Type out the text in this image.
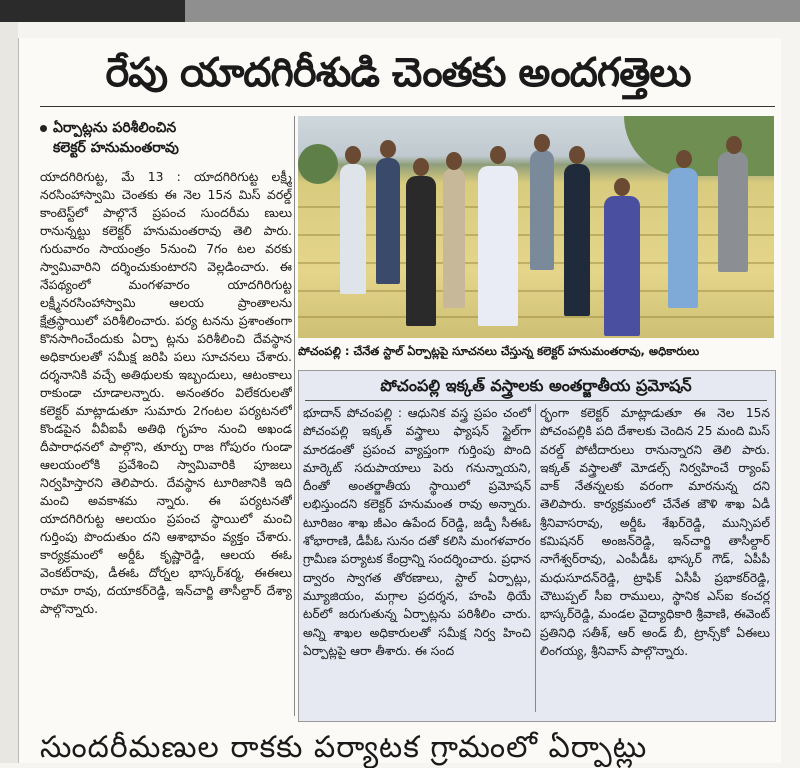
రేపు యాదగిరీశుడి చెంతకు అందగత్తెలు
ఏర్పాట్లను పరిశీలించిన
కలెక్టర్ హనుమంతరావు
యాదగిరిగుట్ట, మే 13 : యాదగిరిగుట్ట లక్ష్మీ నరసింహాస్వామి చెంతకు ఈ నెల 15న మిస్ వరల్డ్ కాంటెస్ట్‌లో పాల్గొనే ప్రపంచ సుందరీమ ణులు రానున్నట్టు కలెక్టర్ హనుమంతరావు తెలి పారు. గురువారం సాయంత్రం 5నుంచి 7గం టల వరకు స్వామివారిని దర్శించుకుంటారని వెల్లడించారు. ఈ నేపథ్యంలో మంగళవారం యాదగిరిగుట్ట లక్ష్మీనరసింహాస్వామి ఆలయ ప్రాంతాలను క్షేత్రస్థాయిలో పరిశీలించారు. పర్య టనను ప్రశాంతంగా కొనసాగించేందుకు ఏర్పా ట్లను పరిశీలించి దేవస్థాన అధికారులతో సమీక్ష జరిపి పలు సూచనలు చేశారు. దర్శనానికి వచ్చే అతిథులకు ఇబ్బందులు, ఆటంకాలు రాకుండా చూడాలన్నారు. అనంతరం విలేకరులతో కలెక్టర్ మాట్లాడుతూ సుమారు 2గంటల పర్యటనలో కొండపైన వీవీఐపీ అతిథి గృహం నుంచి అఖండ దీపారాధనలో పాల్గొని, తూర్పు రాజ గోపురం గుండా ఆలయంలోకి ప్రవేశించి స్వామివారికి పూజలు నిర్వహిస్తారని తెలిపారు. దేవస్థాన టూరిజానికి ఇది మంచి అవకాశమ న్నారు. ఈ పర్యటనతో యాదగిరిగుట్ట ఆలయం ప్రపంచ స్థాయిలో మంచి గుర్తింపు పొందుతుం దని ఆశాభావం వ్యక్తం చేశారు. కార్యక్రమంలో అర్డీఓ కృష్ణారెడ్డి, ఆలయ ఈఓ వెంకట్‌రావు, డీఈఓ దోర్నల భాస్కర్‌శర్మ, ఈఈలు రామా రావు, దయాకర్‌రెడ్డి, ఇన్‌చార్జి తాసీల్దార్ దేశ్యా పాల్గొన్నారు.
పోచంపల్లి : చేనేత స్టాల్ ఏర్పాట్లపై సూచనలు చేస్తున్న కలెక్టర్ హనుమంతరావు, అధికారులు
పోచంపల్లి ఇక్కత్ వస్త్రాలకు అంతర్జాతీయ ప్రమోషన్
భూదాన్ పోచంపల్లి : ఆధునిక వస్త్ర ప్రపం చంలో పోచంపల్లి ఇక్కత్ వస్త్రాలు ఫ్యాషన్ స్టైల్‌గా మారడంతో ప్రపంచ వ్యాప్తంగా గుర్తింపు పొంది మార్కెట్ సదుపాయాలు పెరు గనున్నాయని, దీంతో అంతర్జాతీయ స్థాయిలో ప్రమోషన్ లభిస్తుందని కలెక్టర్ హనుమంత రావు అన్నారు. టూరిజం శాఖ జీఎం ఉపేంద ర్‌రెడ్డి, జడ్పీ సీఈఓ శోభారాణి, డీపీఓ సునం దతో కలిసి మంగళవారం గ్రామీణ పర్యాటక కేంద్రాన్ని సందర్శించారు. ప్రధాన ద్వారం స్వాగత తోరణాలు, స్టాల్ ఏర్పాట్లు, మ్యూజియం, మగ్గాల ప్రదర్శన, హంపి థియే టర్‌లో జరుగుతున్న ఏర్పాట్లను పరిశీలిం చారు. అన్ని శాఖల అధికారులతో సమీక్ష నిర్వ హించి ఏర్పాట్లపై ఆరా తీశారు. ఈ సంద
ర్భంగా కలెక్టర్ మాట్లాడుతూ ఈ నెల 15న పోచంపల్లికి పది దేశాలకు చెందిన 25 మంది మిస్ వరల్డ్ పోటీదారులు రానున్నారని తెలి పారు. ఇక్కత్ వస్త్రాలతో మోడల్స్ నిర్వహించే ర్యాంప్ వాక్ నేతన్నలకు వరంగా మారనున్న దని తెలిపారు. కార్యక్రమంలో చేనేత జౌళి శాఖ ఏడీ శ్రీనివాసరావు, అర్డీఓ శేఖర్‌రెడ్డి, మున్సిపల్ కమిషనర్ అంజన్‌రెడ్డి, ఇన్‌చార్జి తాసీల్దార్ నాగేశ్వర్‌రావు, ఎంపీడీఓ భాస్కర్ గౌడ్, ఏపీపీ మధుసూదన్‌రెడ్డి, ట్రాఫిక్ ఏసీపీ ప్రభాకర్‌రెడ్డి, చౌటుప్పల్ సీఐ రాములు, స్థానిక ఎస్ఐ కంచర్ల భాస్కర్‌రెడ్డి, మండల వైద్యాధికారి శ్రీవాణి, ఈవెంట్ ప్రతినిధి సతీశ్, ఆర్ అండ్ బీ, ట్రాన్స్‌కో ఏఈలు లింగయ్య, శ్రీనివాస్ పాల్గొన్నారు.
సుందరీమణుల రాకకు పర్యాటక గ్రామంలో ఏర్పాట్లు
